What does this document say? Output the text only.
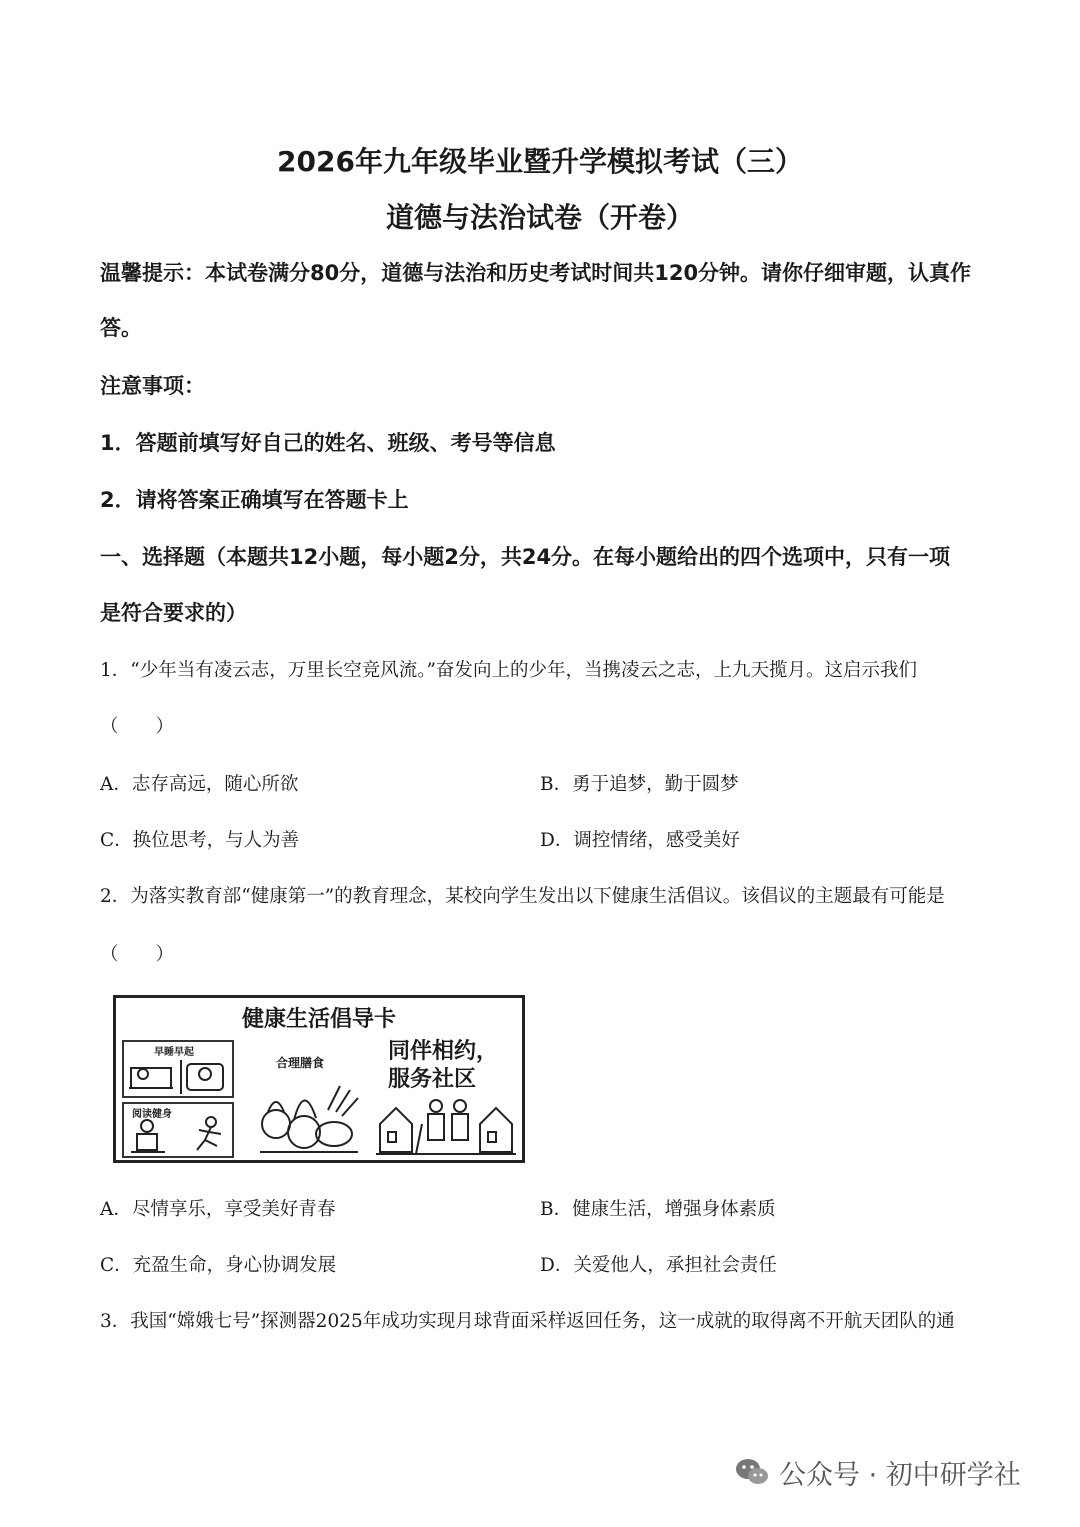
2026年九年级毕业暨升学模拟考试（三）
道德与法治试卷（开卷）
温馨提示：本试卷满分80分，道德与法治和历史考试时间共120分钟。请你仔细审题，认真作
答。
注意事项：
1．答题前填写好自己的姓名、班级、考号等信息
2．请将答案正确填写在答题卡上
一、选择题（本题共12小题，每小题2分，共24分。在每小题给出的四个选项中，只有一项
是符合要求的）
1．“少年当有凌云志，万里长空竞风流。”奋发向上的少年，当携凌云之志，上九天揽月。这启示我们
（　　）
A．志存高远，随心所欲	B．勇于追梦，勤于圆梦
C．换位思考，与人为善	D．调控情绪，感受美好
2．为落实教育部“健康第一”的教育理念，某校向学生发出以下健康生活倡议。该倡议的主题最有可能是
（　　）
健康生活倡导卡
早睡早起
阅读健身
合理膳食	同伴相约，
服务社区
A．尽情享乐，享受美好青春	B．健康生活，增强身体素质
C．充盈生命，身心协调发展	D．关爱他人，承担社会责任
3．我国“嫦娥七号”探测器2025年成功实现月球背面采样返回任务，这一成就的取得离不开航天团队的通
公众号 · 初中研学社
